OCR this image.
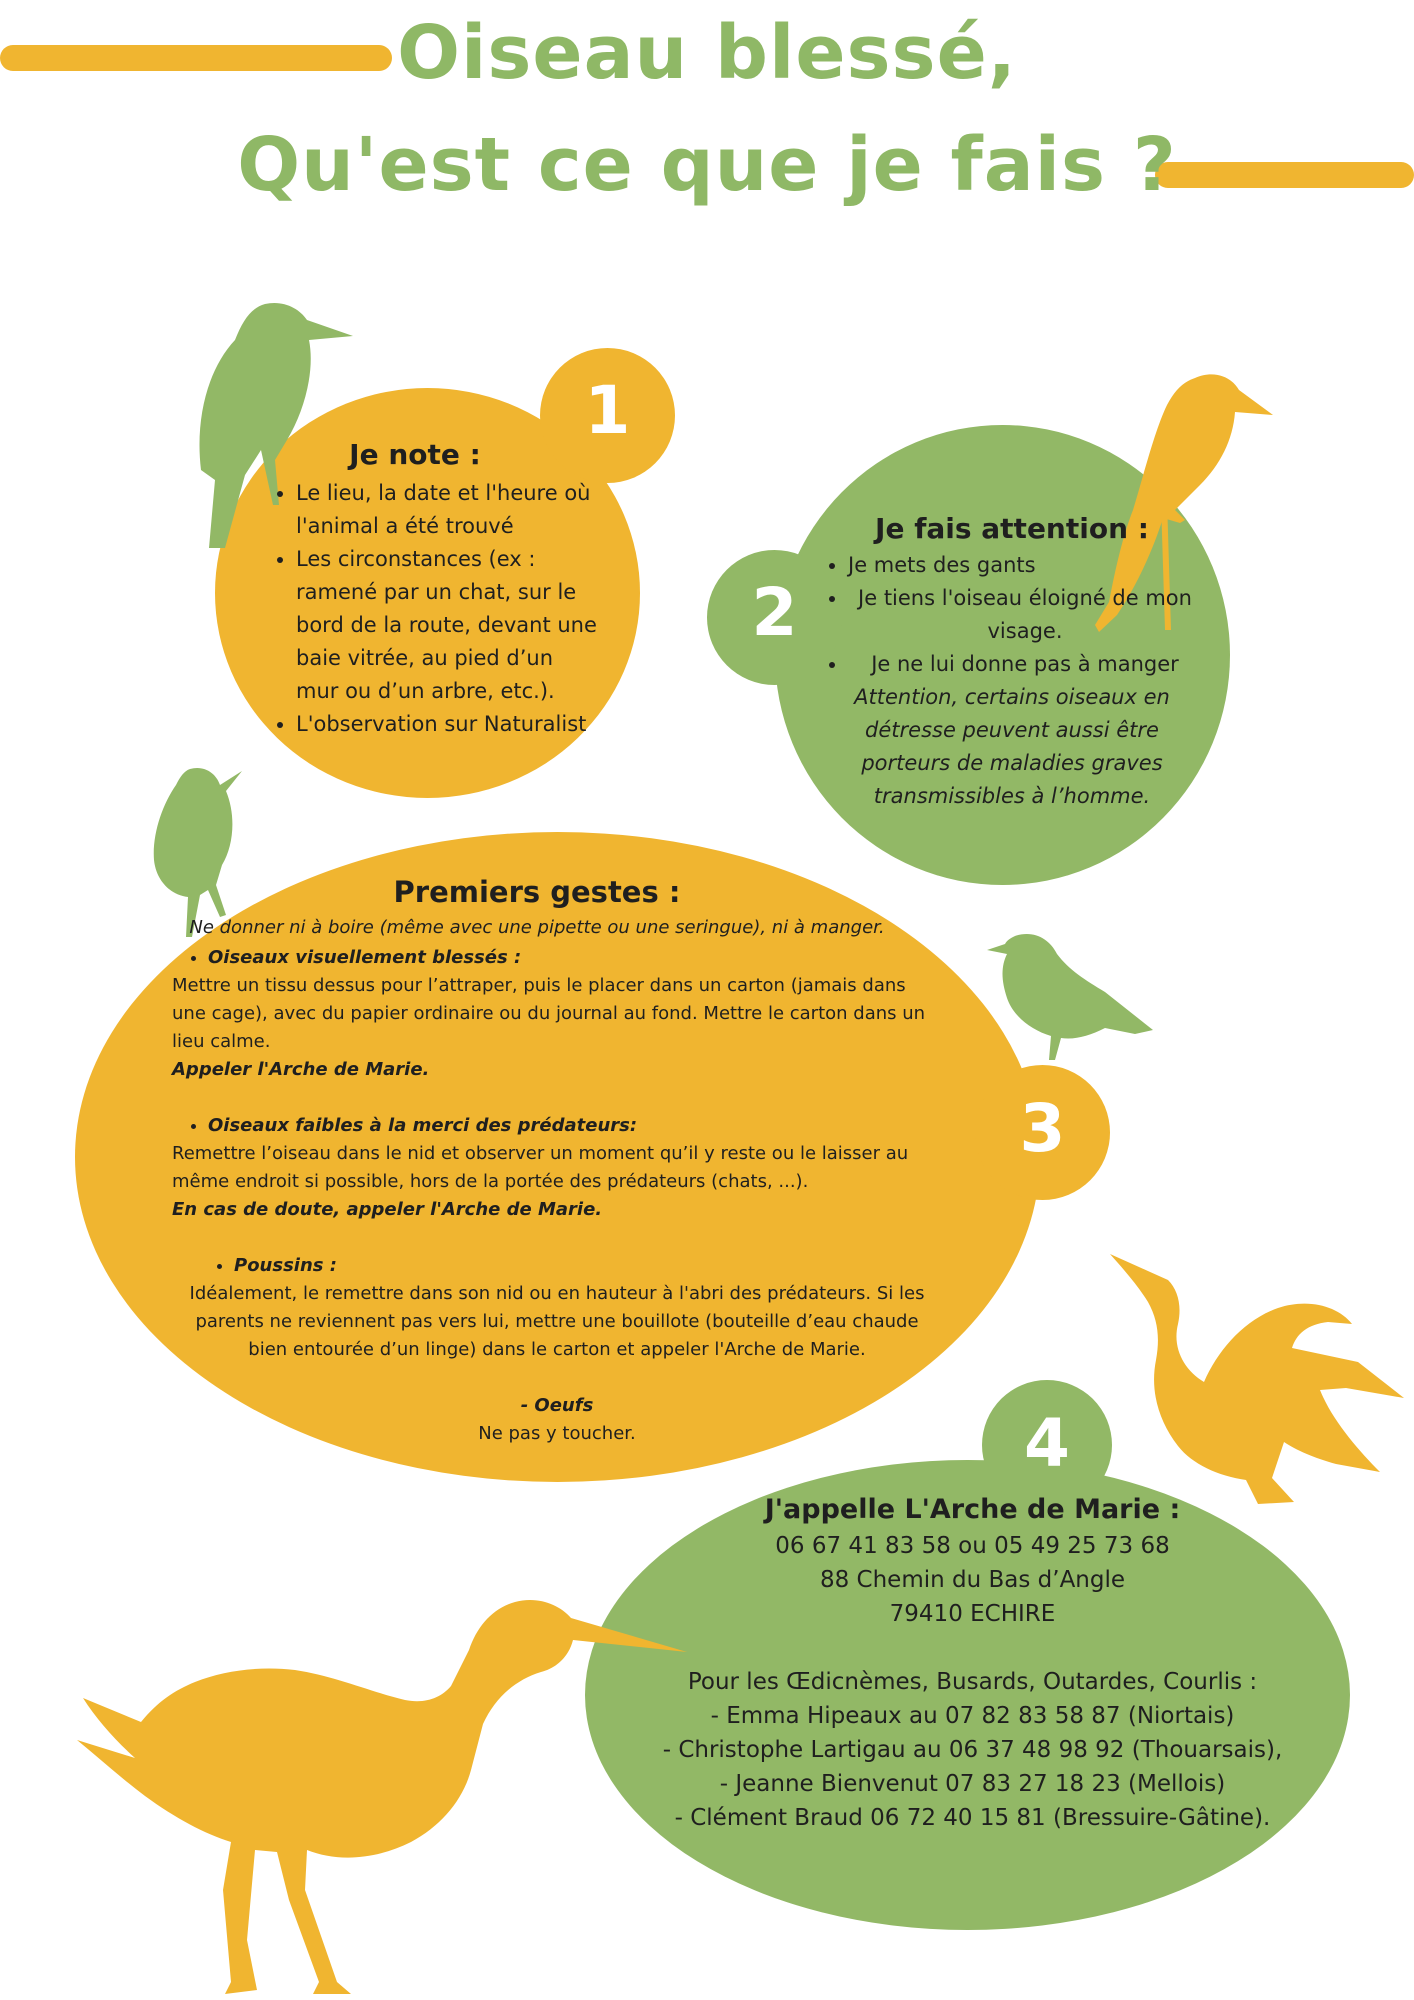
Oiseau blessé,
Qu'est ce que je fais ?
1

Je note :

• Le lieu, la date et l'heure où l'animal a été trouvé
• Les circonstances (ex : ramené par un chat, sur le bord de la route, devant une baie vitrée, au pied d’un mur ou d’un arbre, etc.).
• L'observation sur Naturalist
2

Je fais attention :

• Je mets des gants
• Je tiens l'oiseau éloigné de mon visage.
• Je ne lui donne pas à manger

Attention, certains oiseaux en détresse peuvent aussi être porteurs de maladies graves transmissibles à l’homme.

3

Premiers gestes :

Ne donner ni à boire (même avec une pipette ou une seringue), ni à manger.

• Oiseaux visuellement blessés :

Mettre un tissu dessus pour l’attraper, puis le placer dans un carton (jamais dans une cage), avec du papier ordinaire ou du journal au fond. Mettre le carton dans un lieu calme.

Appeler l'Arche de Marie.

• Oiseaux faibles à la merci des prédateurs:

Remettre l’oiseau dans le nid et observer un moment qu’il y reste ou le laisser au même endroit si possible, hors de la portée des prédateurs (chats, ...).

En cas de doute, appeler l'Arche de Marie.

• Poussins :

Idéalement, le remettre dans son nid ou en hauteur à l'abri des prédateurs. Si les parents ne reviennent pas vers lui, mettre une bouillote (bouteille d’eau chaude bien entourée d’un linge) dans le carton et appeler l'Arche de Marie.

- Oeufs

Ne pas y toucher.	4

J'appelle L'Arche de Marie :

06 67 41 83 58 ou 05 49 25 73 68

88 Chemin du Bas d’Angle

79410 ECHIRE

Pour les Œdicnèmes, Busards, Outardes, Courlis :

- Emma Hipeaux au 07 82 83 58 87 (Niortais)

- Christophe Lartigau au 06 37 48 98 92 (Thouarsais),

- Jeanne Bienvenut 07 83 27 18 23 (Mellois)

- Clément Braud 06 72 40 15 81 (Bressuire-Gâtine).
